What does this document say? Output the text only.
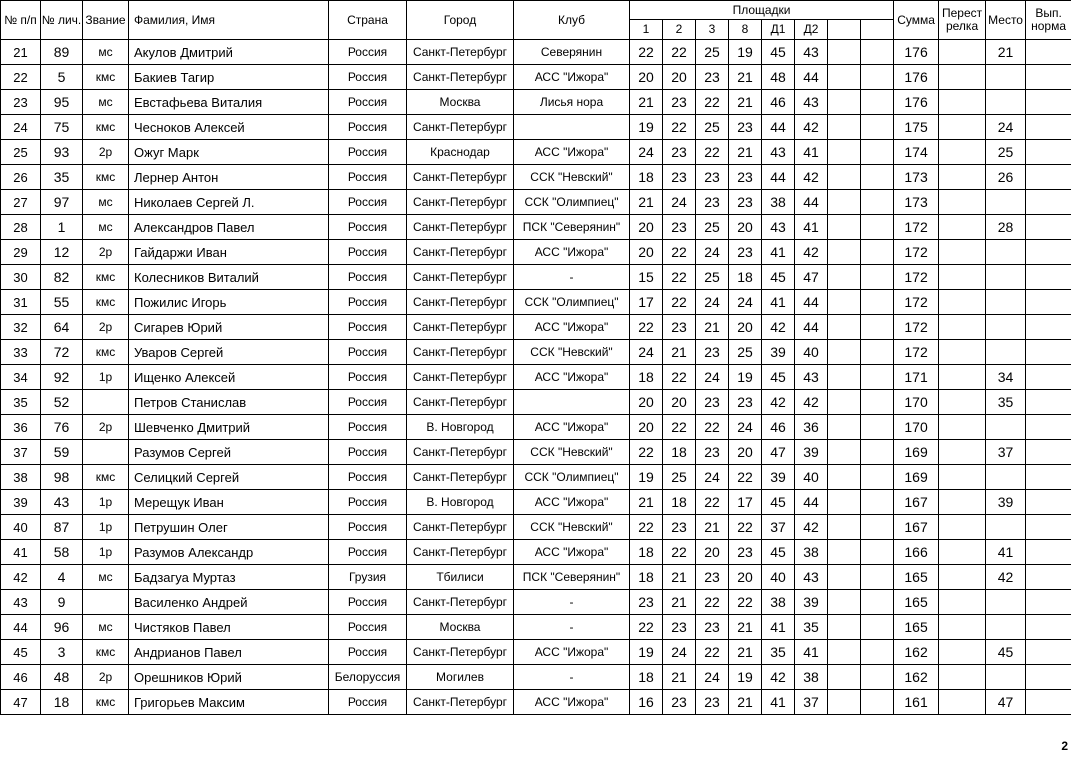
№ п/п	№ лич.	Звание	Фамилия, Имя	Страна	Город	Клуб	Площадки								Сумма	Перест релка	Место	Вып. норма
							1	2	3	8	Д1	Д2						
21	89	мс	Акулов Дмитрий	Россия	Санкт-Петербург	Северянин	22	22	25	19	45	43			176		21	
22	5	кмс	Бакиев Тагир	Россия	Санкт-Петербург	АСС "Ижора"	20	20	23	21	48	44			176			
23	95	мс	Евстафьева Виталия	Россия	Москва	Лисья нора	21	23	22	21	46	43			176			
24	75	кмс	Чесноков Алексей	Россия	Санкт-Петербург		19	22	25	23	44	42			175		24	
25	93	2р	Ожуг Марк	Россия	Краснодар	АСС "Ижора"	24	23	22	21	43	41			174		25	
26	35	кмс	Лернер Антон	Россия	Санкт-Петербург	ССК "Невский"	18	23	23	23	44	42			173		26	
27	97	мс	Николаев Сергей Л.	Россия	Санкт-Петербург	ССК "Олимпиец"	21	24	23	23	38	44			173			
28	1	мс	Александров Павел	Россия	Санкт-Петербург	ПСК "Северянин"	20	23	25	20	43	41			172		28	
29	12	2р	Гайдаржи Иван	Россия	Санкт-Петербург	АСС "Ижора"	20	22	24	23	41	42			172			
30	82	кмс	Колесников Виталий	Россия	Санкт-Петербург	-	15	22	25	18	45	47			172			
31	55	кмс	Пожилис Игорь	Россия	Санкт-Петербург	ССК "Олимпиец"	17	22	24	24	41	44			172			
32	64	2р	Сигарев Юрий	Россия	Санкт-Петербург	АСС "Ижора"	22	23	21	20	42	44			172			
33	72	кмс	Уваров Сергей	Россия	Санкт-Петербург	ССК "Невский"	24	21	23	25	39	40			172			
34	92	1р	Ищенко Алексей	Россия	Санкт-Петербург	АСС "Ижора"	18	22	24	19	45	43			171		34	
35	52		Петров Станислав	Россия	Санкт-Петербург		20	20	23	23	42	42			170		35	
36	76	2р	Шевченко Дмитрий	Россия	В. Новгород	АСС "Ижора"	20	22	22	24	46	36			170			
37	59		Разумов Сергей	Россия	Санкт-Петербург	ССК "Невский"	22	18	23	20	47	39			169		37	
38	98	кмс	Селицкий Сергей	Россия	Санкт-Петербург	ССК "Олимпиец"	19	25	24	22	39	40			169			
39	43	1р	Мерещук Иван	Россия	В. Новгород	АСС "Ижора"	21	18	22	17	45	44			167		39	
40	87	1р	Петрушин Олег	Россия	Санкт-Петербург	ССК "Невский"	22	23	21	22	37	42			167			
41	58	1р	Разумов Александр	Россия	Санкт-Петербург	АСС "Ижора"	18	22	20	23	45	38			166		41	
42	4	мс	Бадзагуа Муртаз	Грузия	Тбилиси	ПСК "Северянин"	18	21	23	20	40	43			165		42	
43	9		Василенко Андрей	Россия	Санкт-Петербург	-	23	21	22	22	38	39			165			
44	96	мс	Чистяков Павел	Россия	Москва	-	22	23	23	21	41	35			165			
45	3	кмс	Андрианов Павел	Россия	Санкт-Петербург	АСС "Ижора"	19	24	22	21	35	41			162		45	
46	48	2р	Орешников Юрий	Белоруссия	Могилев	-	18	21	24	19	42	38			162			
47	18	кмс	Григорьев Максим	Россия	Санкт-Петербург	АСС "Ижора"	16	23	23	21	41	37			161		47	
2
